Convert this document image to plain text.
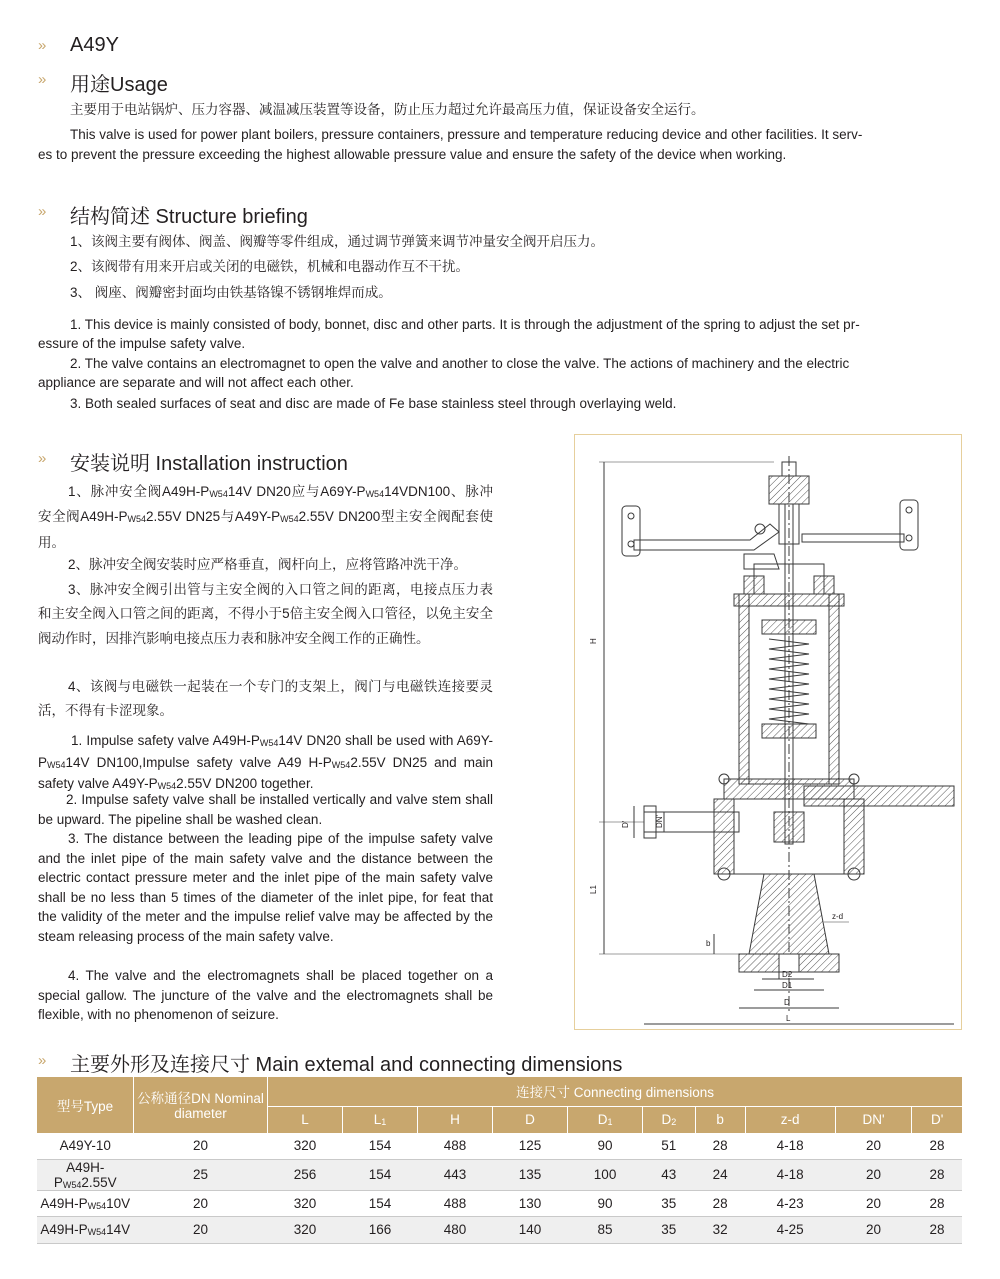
» A49Y
» 用途Usage
主要用于电站锅炉、压力容器、减温减压装置等设备，防止压力超过允许最高压力值，保证设备安全运行。
This valve is used for power plant boilers, pressure containers, pressure and temperature reducing device and other facilities. It serv-
es to prevent the pressure exceeding the highest allowable pressure value and ensure the safety of the device when working.
» 结构简述 Structure briefing
1、该阀主要有阀体、阀盖、阀瓣等零件组成，通过调节弹簧来调节冲量安全阀开启压力。
2、该阀带有用来开启或关闭的电磁铁，机械和电器动作互不干扰。
3、 阀座、阀瓣密封面均由铁基铬镍不锈钢堆焊而成。
1. This device is mainly consisted of body, bonnet, disc and other parts. It is through the adjustment of the spring to adjust the set pr-
essure of the impulse safety valve.
2. The valve contains an electromagnet to open the valve and another to close the valve. The actions of machinery and the electric
appliance are separate and will not affect each other.
3. Both sealed surfaces of seat and disc are made of Fe base stainless steel through overlaying weld.
» 安装说明 Installation instruction
1、脉冲安全阀$A49H-P_{W54}14V$ DN20应与$A69Y-P_{W54}14VDN100$、脉冲安全阀$A49H-P_{W54}2.55V$ DN25与$A49Y-P_{W54}2.55V$ DN200型主安全阀配套使用。
2、脉冲安全阀安装时应严格垂直，阀杆向上，应将管路冲洗干净。
3、脉冲安全阀引出管与主安全阀的入口管之间的距离，电接点压力表和主安全阀入口管之间的距离，不得小于5倍主安全阀入口管径，以免主安全阀动作时，因排汽影响电接点压力表和脉冲安全阀工作的正确性。
4、该阀与电磁铁一起装在一个专门的支架上，阀门与电磁铁连接要灵活，不得有卡涩现象。
1. Impulse safety valve $A49H-P_{W54}14V$ DN20 shall be used with $A69Y-P_{W54}14V$ DN100,Impulse safety valve A49 $H-P_{W54}2.55V$ DN25 and main safety valve $A49Y-P_{W54}2.55V$ DN200 together.
2. Impulse safety valve shall be installed vertically and valve stem shall be upward. The pipeline shall be washed clean.
3. The distance between the leading pipe of the impulse safety valve and the inlet pipe of the main safety valve and the distance between the electric contact pressure meter and the inlet pipe of the main safety valve shall be no less than 5 times of the diameter of the inlet pipe, for feat that the validity of the meter and the impulse relief valve may be affected by the steam releasing process of the main safety valve.
4. The valve and the electromagnets shall be placed together on a special gallow. The juncture of the valve and the electromagnets shall be flexible, with no phenomenon of seizure.
H
L1
D'	DN'
b
z-d
D2
D1
D
L
» 主要外形及连接尺寸 Main extemal and connecting dimensions
型号Type	公称通径DN Nominal diameter	连接尺寸 Connecting dimensions									
		L	$L_1$	H	D	$D_1$	$D_2$	b	z-d	DN'	D'
A49Y-10	20	320	154	488	125	90	51	28	4-18	20	28
$A49H-P_{W54}2.55V$	25	256	154	443	135	100	43	24	4-18	20	28
$A49H-P_{W54}10V$	20	320	154	488	130	90	35	28	4-23	20	28
$A49H-P_{W54}14V$	20	320	166	480	140	85	35	32	4-25	20	28
